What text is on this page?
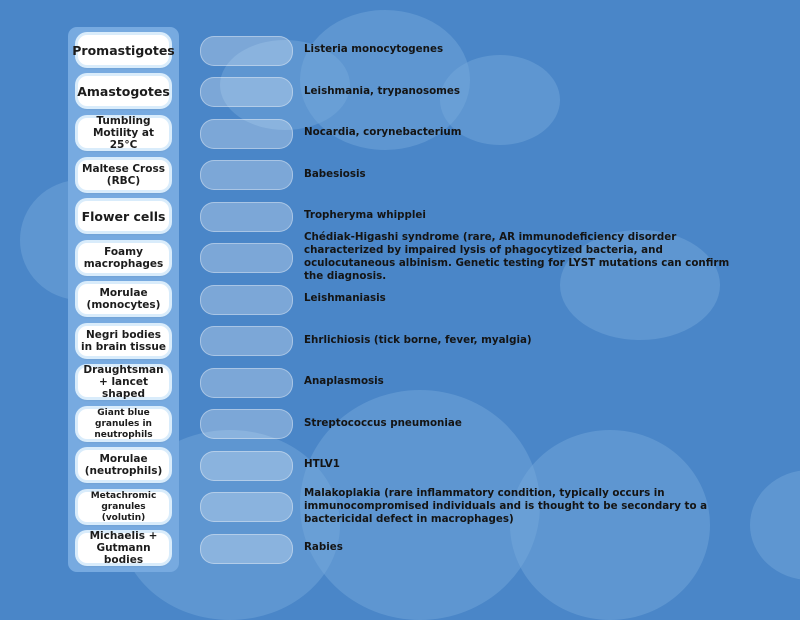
Promastigotes
Amastogotes
Tumbling Motility at 25°C
Maltese Cross (RBC)
Flower cells
Foamy macrophages
Morulae (monocytes)
Negri bodies in brain tissue
Draughtsman + lancet shaped
Giant blue granules in neutrophils
Morulae (neutrophils)
Metachromic granules (volutin)
Michaelis + Gutmann bodies
Listeria monocytogenes
Leishmania, trypanosomes
Nocardia, corynebacterium
Babesiosis
Tropheryma whipplei
Chédiak-Higashi syndrome (rare, AR immunodeficiency disorder characterized by impaired lysis of phagocytized bacteria, and oculocutaneous albinism. Genetic testing for LYST mutations can confirm the diagnosis.
Leishmaniasis
Ehrlichiosis (tick borne, fever, myalgia)
Anaplasmosis
Streptococcus pneumoniae
HTLV1
Malakoplakia (rare inflammatory condition, typically occurs in immunocompromised individuals and is thought to be secondary to a bactericidal defect in macrophages)
Rabies
